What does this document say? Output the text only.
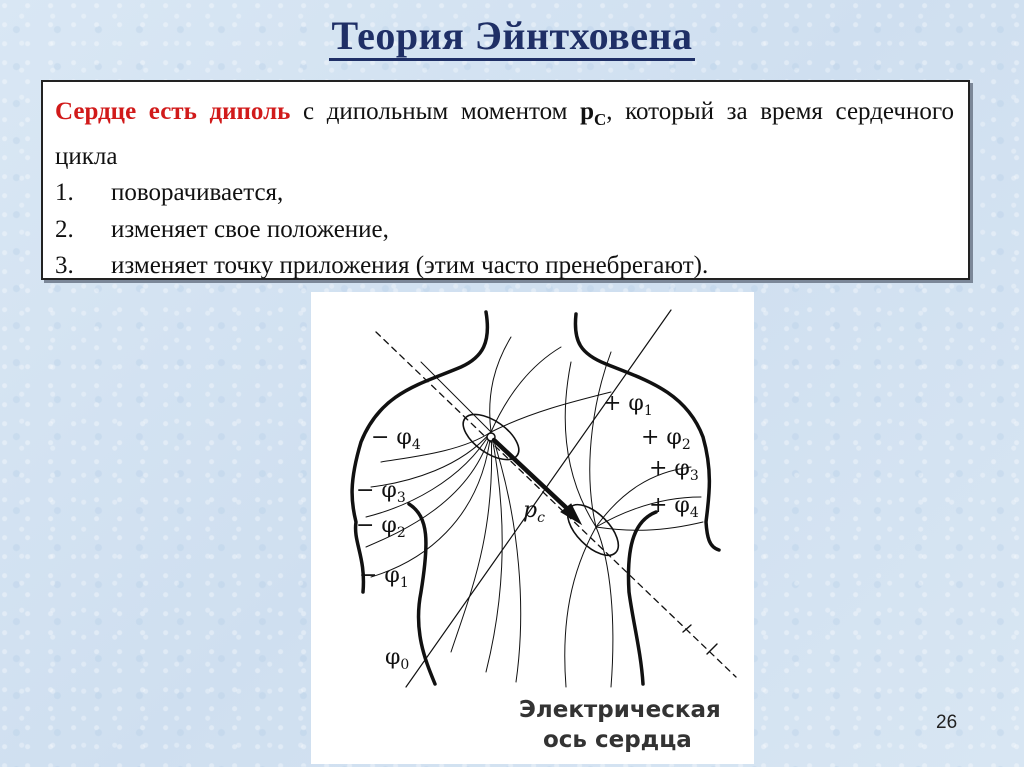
Теория Эйнтховена

Сердце есть диполь с дипольным моментом $p_C$, который за время сердечного цикла

1.	поворачивается,
2.	изменяет свое положение,
3.	изменяет точку приложения (этим часто пренебрегают).
+ $\varphi_1$
+ $\varphi_2$
+ $\varphi_3$
+ $\varphi_4$
− $\varphi_4$
− $\varphi_3$
− $\varphi_2$
− $\varphi_1$
$\varphi_0$
$p_c$
Электрическая
ось сердца
26
